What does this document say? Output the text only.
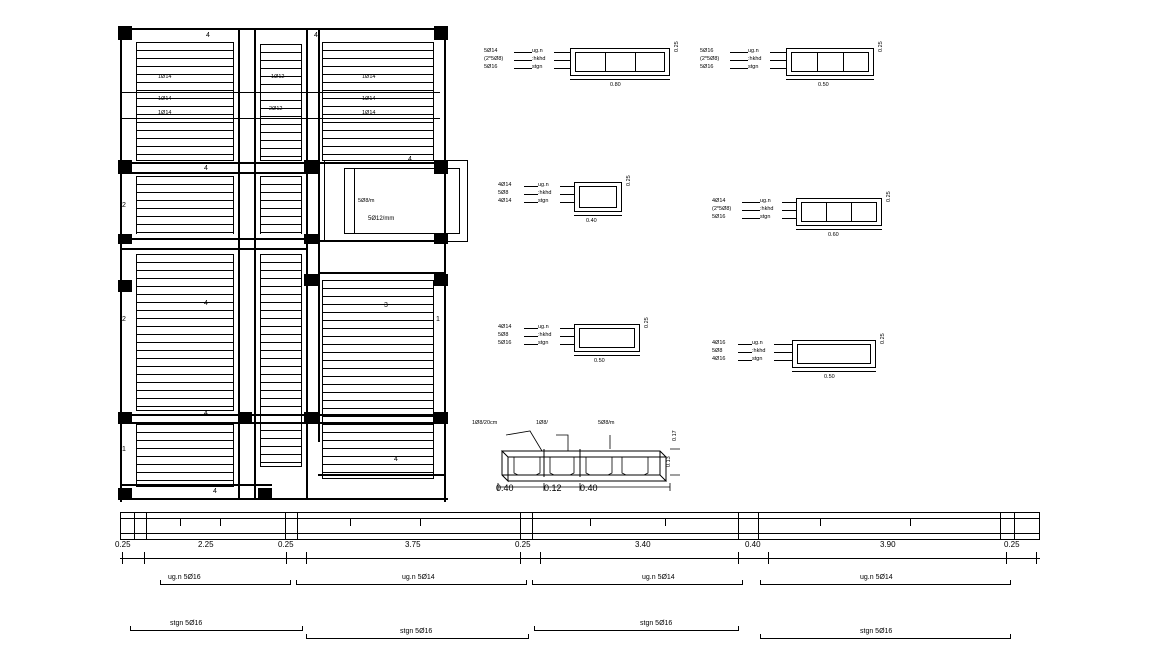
1Ø14
1Ø14
1Ø14
1Ø12
2Ø12
1Ø14
1Ø14
1Ø14
5Ø8/m
5Ø12/mm
4
4
4
4
2
2
4
4
4
3
1
4
4
1
5Ø14
(2*5Ø8)
5Ø16
ug.n
:hkhd
stgn
0.80
0.25	5Ø16
(2*5Ø8)
5Ø16
ug.n
:hkhd
stgn
0.50
0.25
4Ø14
5Ø8
4Ø14
ug.n
:hkhd
stgn
0.40
0.25
4Ø14
(2*5Ø8)
5Ø16
ug.n
:hkhd
stgn
0.60
0.25
4Ø14
5Ø8
5Ø16
ug.n
:hkhd
stgn
0.50
0.25
4Ø16
5Ø8
4Ø16
ug.n
:hkhd
stgn
0.50
0.25
1Ø8/20cm	1Ø8/	5Ø8/m
0.40	0.12 0.40
0.17
0.13
0.25	2.25	0.25	3.75	0.25	3.40	0.40	3.90	0.25
ug.n 5Ø16	ug.n 5Ø14	ug.n 5Ø14	ug.n 5Ø14
stgn 5Ø16
stgn 5Ø16
stgn 5Ø16
stgn 5Ø16
